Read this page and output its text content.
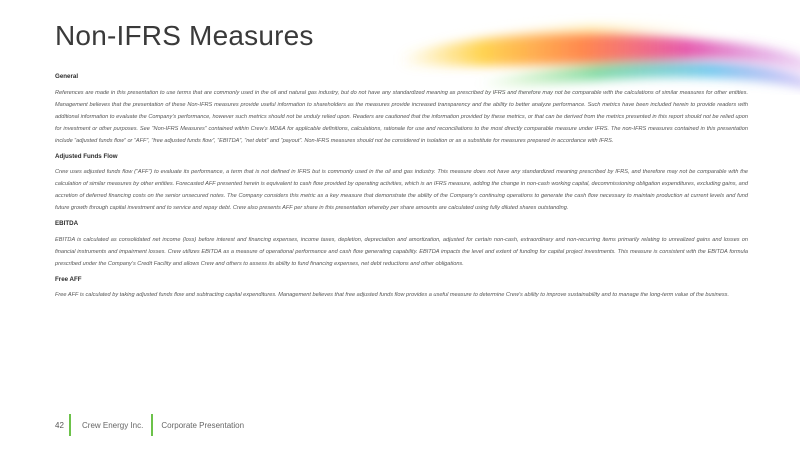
Non-IFRS Measures
General
References are made in this presentation to use terms that are commonly used in the oil and natural gas industry, but do not have any standardized meaning as prescribed by IFRS and therefore may not be comparable with the calculations of similar measures for other entities. Management believes that the presentation of these Non-IFRS measures provide useful information to shareholders as the measures provide increased transparency and the ability to better analyze performance. Such metrics have been included herein to provide readers with additional information to evaluate the Company’s performance, however such metrics should not be unduly relied upon. Readers are cautioned that the information provided by these metrics, or that can be derived from the metrics presented in this report should not be relied upon for investment or other purposes. See “Non-IFRS Measures” contained within Crew’s MD&A for applicable definitions, calculations, rationale for use and reconciliations to the most directly comparable measure under IFRS. The non-IFRS measures contained in this presentation include “adjusted funds flow” or “AFF”, “free adjusted funds flow”, “EBITDA”, “net debt” and “payout”. Non-IFRS measures should not be considered in isolation or as a substitute for measures prepared in accordance with IFRS.
Adjusted Funds Flow
Crew uses adjusted funds flow (“AFF”) to evaluate its performance, a term that is not defined in IFRS but is commonly used in the oil and gas industry. This measure does not have any standardized meaning prescribed by IFRS, and therefore may not be comparable with the calculation of similar measures by other entities. Forecasted AFF presented herein is equivalent to cash flow provided by operating activities, which is an IFRS measure, adding the change in non-cash working capital, decommissioning obligation expenditures, excluding gains, and accretion of deferred financing costs on the senior unsecured notes. The Company considers this metric as a key measure that demonstrate the ability of the Company’s continuing operations to generate the cash flow necessary to maintain production at current levels and fund future growth through capital investment and to service and repay debt. Crew also presents AFF per share in this presentation whereby per share amounts are calculated using fully diluted shares outstanding.
EBITDA
EBITDA is calculated as consolidated net income (loss) before interest and financing expenses, income taxes, depletion, depreciation and amortization, adjusted for certain non-cash, extraordinary and non-recurring items primarily relating to unrealized gains and losses on financial instruments and impairment losses. Crew utilizes EBITDA as a measure of operational performance and cash flow generating capability. EBITDA impacts the level and extent of funding for capital project investments. This measure is consistent with the EBITDA formula prescribed under the Company’s Credit Facility and allows Crew and others to assess its ability to fund financing expenses, net debt reductions and other obligations.
Free AFF
Free AFF is calculated by taking adjusted funds flow and subtracting capital expenditures. Management believes that free adjusted funds flow provides a useful measure to determine Crew’s ability to improve sustainability and to manage the long-term value of the business.
42	Crew Energy Inc. Corporate Presentation
